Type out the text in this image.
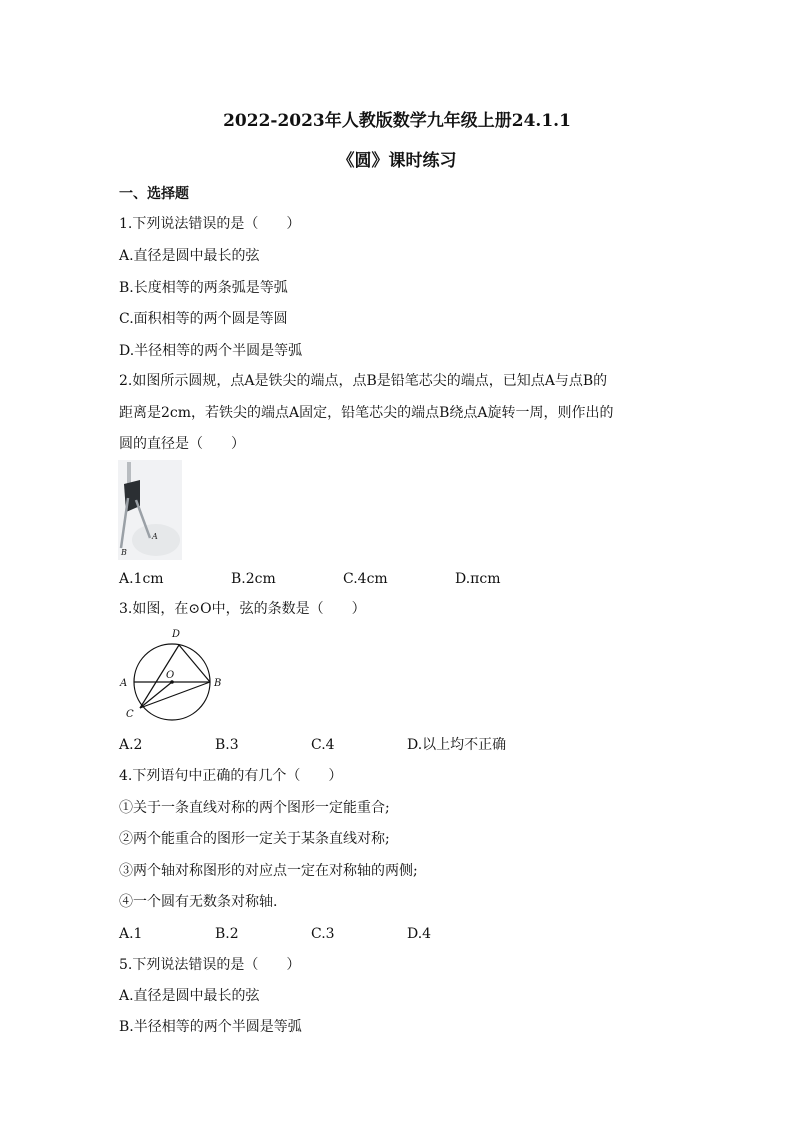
2022-2023年人教版数学九年级上册24.1.1
《圆》课时练习

一、选择题

1.下列说法错误的是（　　）

A.直径是圆中最长的弦

B.长度相等的两条弧是等弧

C.面积相等的两个圆是等圆

D.半径相等的两个半圆是等弧

2.如图所示圆规，点A是铁尖的端点，点B是铅笔芯尖的端点，已知点A与点B的

距离是2cm，若铁尖的端点A固定，铅笔芯尖的端点B绕点A旋转一周，则作出的

圆的直径是（　　）

A
B
A.1cm	B.2cm	C.4cm	D.πcm

3.如图，在⊙O中，弦的条数是（　　）

D
O
A	B
C
A.2	B.3	C.4	D.以上均不正确

4.下列语句中正确的有几个（　　）

①关于一条直线对称的两个图形一定能重合;

②两个能重合的图形一定关于某条直线对称;

③两个轴对称图形的对应点一定在对称轴的两侧;

④一个圆有无数条对称轴.

A.1	B.2	C.3	D.4

5.下列说法错误的是（　　）

A.直径是圆中最长的弦

B.半径相等的两个半圆是等弧
